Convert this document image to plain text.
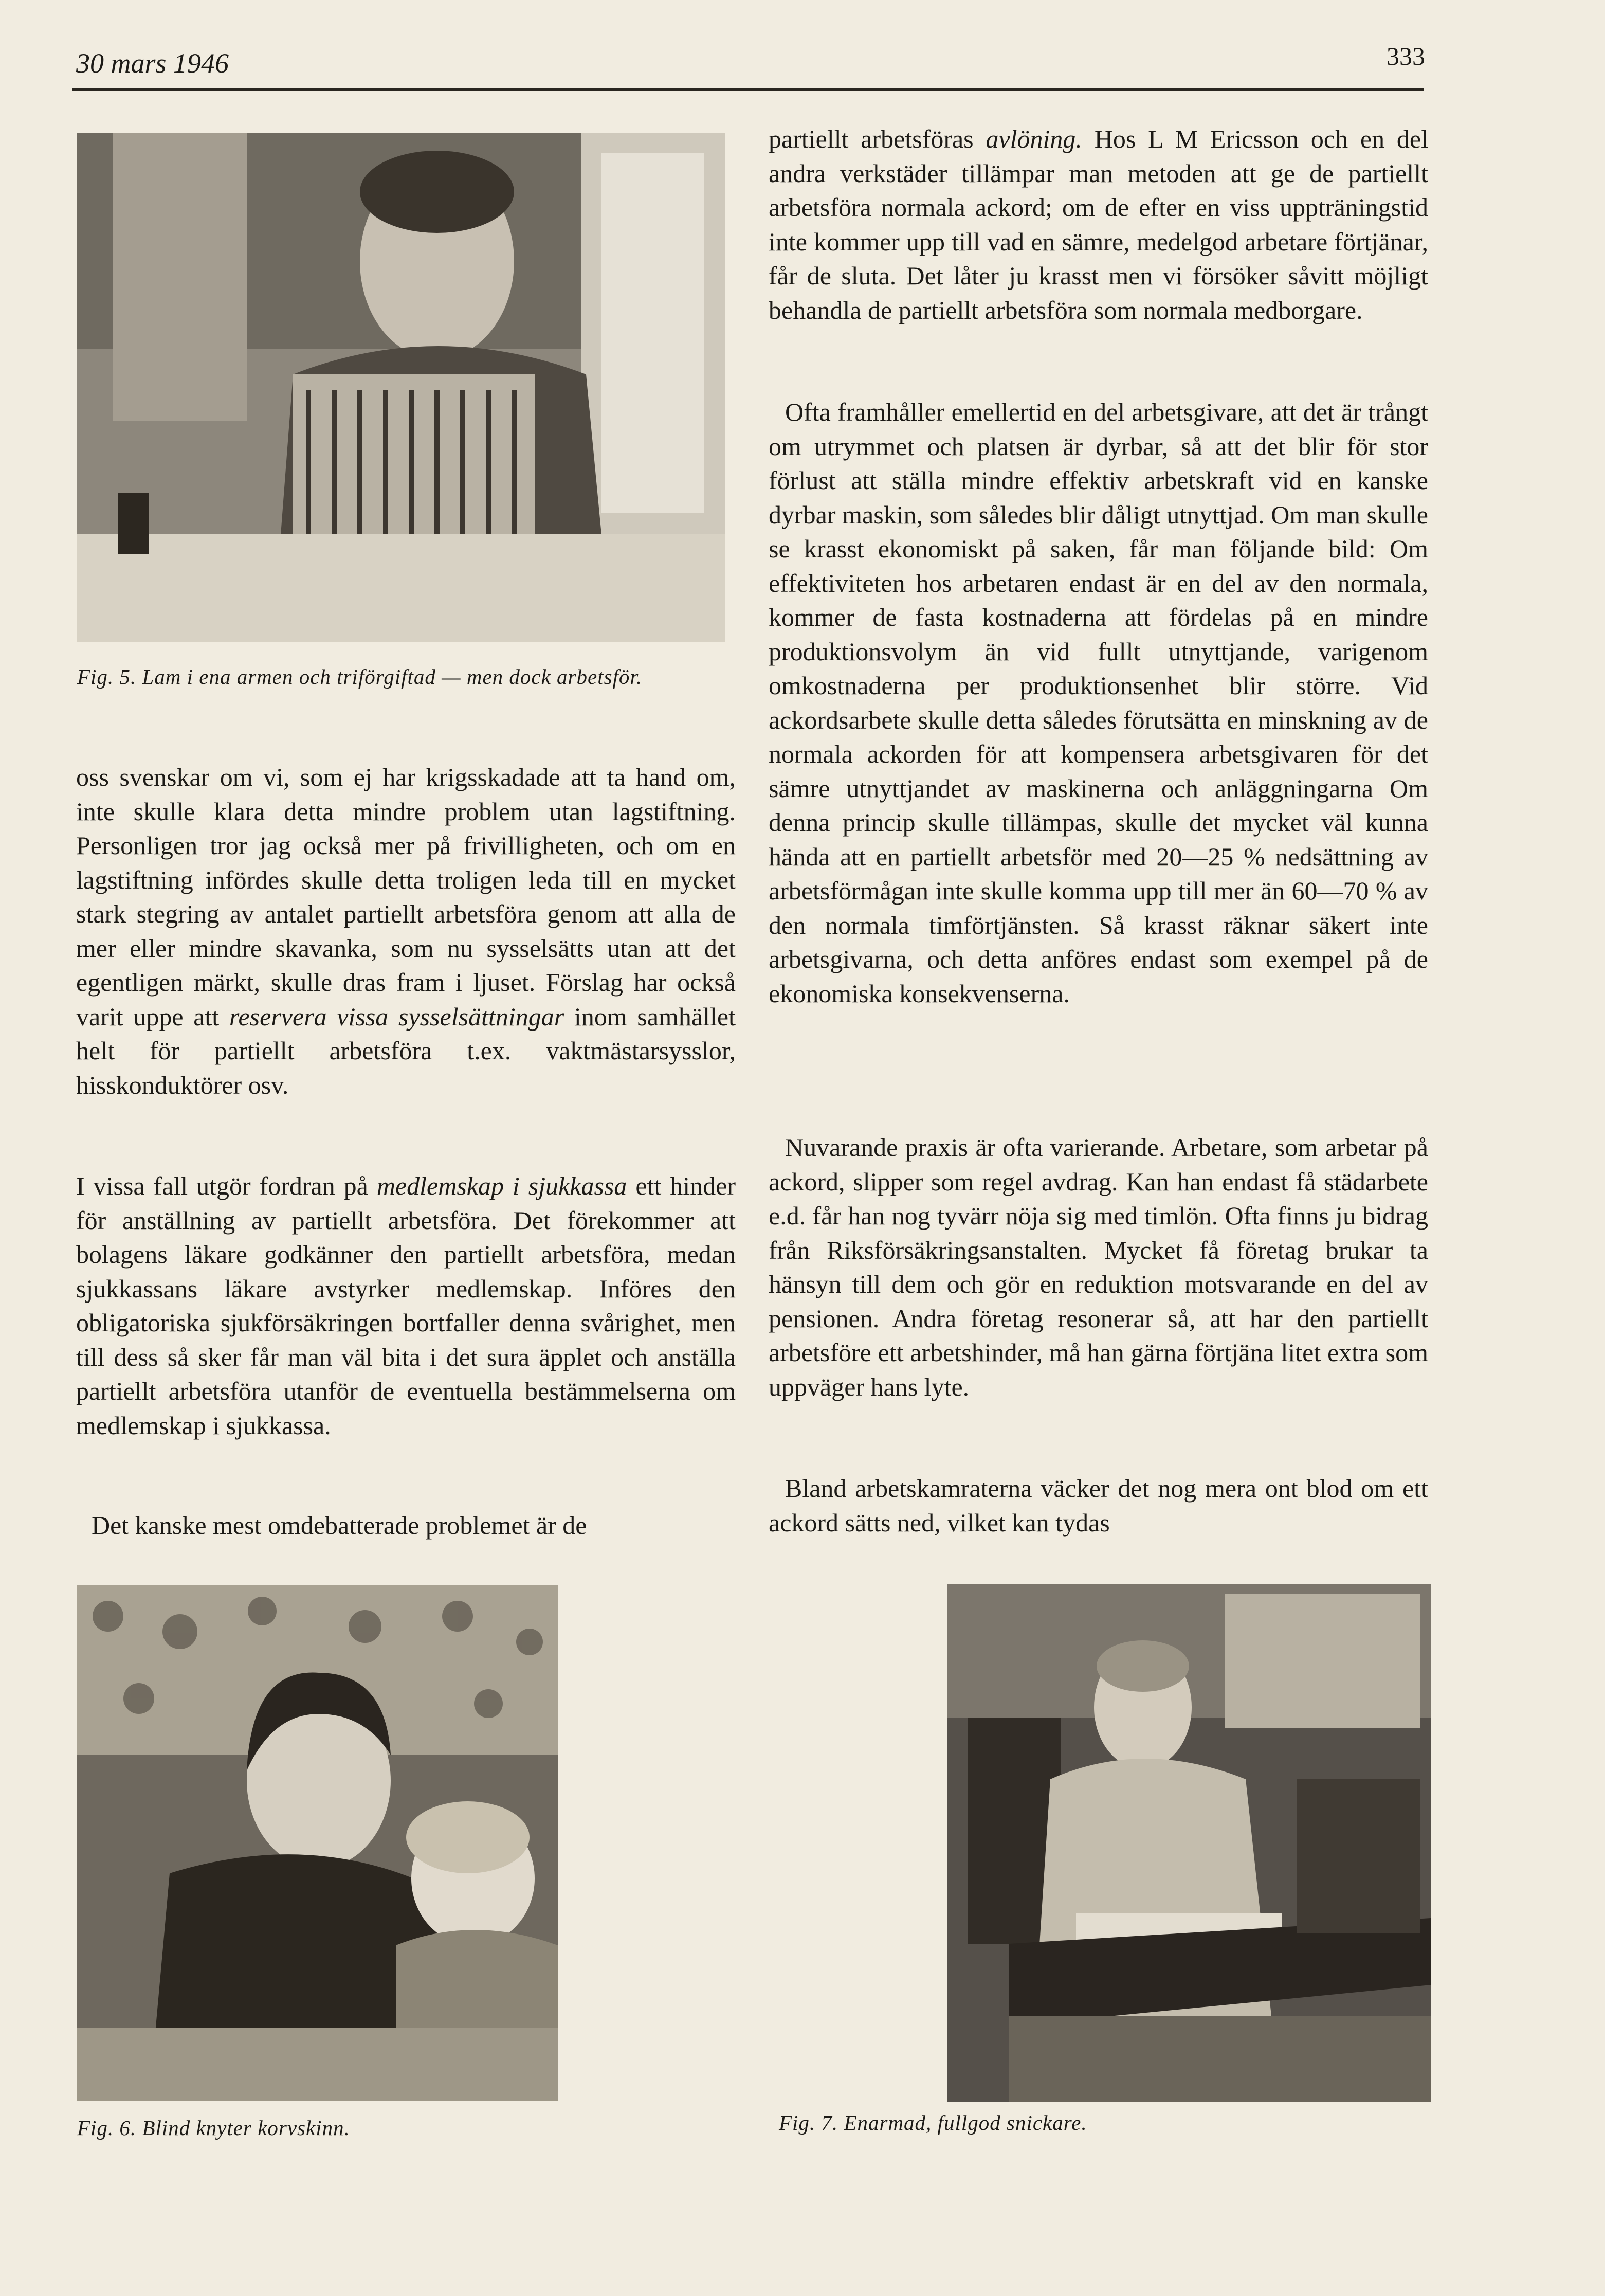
30 mars 1946	333
Fig. 5. Lam i ena armen och triförgiftad — men dock arbetsför.

oss svenskar om vi, som ej har krigsskadade att ta hand om, inte skulle klara detta mindre problem utan lagstiftning. Personligen tror jag också mer på frivilligheten, och om en lagstiftning infördes skulle detta troligen leda till en mycket stark stegring av antalet partiellt arbetsföra genom att alla de mer eller mindre skavanka, som nu sysselsätts utan att det egentligen märkt, skulle dras fram i ljuset. Förslag har också varit uppe att reservera vissa sysselsättningar inom samhället helt för partiellt arbetsföra t.ex. vaktmästarsysslor, hisskonduktörer osv.

I vissa fall utgör fordran på medlemskap i sjukkassa ett hinder för anställning av partiellt arbetsföra. Det förekommer att bolagens läkare godkänner den partiellt arbetsföra, medan sjukkassans läkare avstyrker medlemskap. Införes den obligatoriska sjukförsäkringen bortfaller denna svårighet, men till dess så sker får man väl bita i det sura äpplet och anställa partiellt arbetsföra utanför de eventuella bestämmelserna om medlemskap i sjukkassa.

Det kanske mest omdebatterade problemet är de

partiellt arbetsföras avlöning. Hos L M Ericsson och en del andra verkstäder tillämpar man metoden att ge de partiellt arbetsföra normala ackord; om de efter en viss uppträningstid inte kommer upp till vad en sämre, medelgod arbetare förtjänar, får de sluta. Det låter ju krasst men vi försöker såvitt möjligt behandla de partiellt arbetsföra som normala medborgare.

Ofta framhåller emellertid en del arbetsgivare, att det är trångt om utrymmet och platsen är dyrbar, så att det blir för stor förlust att ställa mindre effektiv arbetskraft vid en kanske dyrbar maskin, som således blir dåligt utnyttjad. Om man skulle se krasst ekonomiskt på saken, får man följande bild: Om effektiviteten hos arbetaren endast är en del av den normala, kommer de fasta kostnaderna att fördelas på en mindre produktionsvolym än vid fullt utnyttjande, varigenom omkostnaderna per produktionsenhet blir större. Vid ackordsarbete skulle detta således förutsätta en minskning av de normala ackorden för att kompensera arbetsgivaren för det sämre utnyttjandet av maskinerna och anläggningarna Om denna princip skulle tillämpas, skulle det mycket väl kunna hända att en partiellt arbetsför med 20—25 % nedsättning av arbetsförmågan inte skulle komma upp till mer än 60—70 % av den normala timförtjänsten. Så krasst räknar säkert inte arbetsgivarna, och detta anföres endast som exempel på de ekonomiska konsekvenserna.

Nuvarande praxis är ofta varierande. Arbetare, som arbetar på ackord, slipper som regel avdrag. Kan han endast få städarbete e.d. får han nog tyvärr nöja sig med timlön. Ofta finns ju bidrag från Riksförsäkringsanstalten. Mycket få företag brukar ta hänsyn till dem och gör en reduktion motsvarande en del av pensionen. Andra företag resonerar så, att har den partiellt arbetsföre ett arbetshinder, må han gärna förtjäna litet extra som uppväger hans lyte.

Bland arbetskamraterna väcker det nog mera ont blod om ett ackord sätts ned, vilket kan tydas

Fig. 6. Blind knyter korvskinn.	Fig. 7. Enarmad, fullgod snickare.
